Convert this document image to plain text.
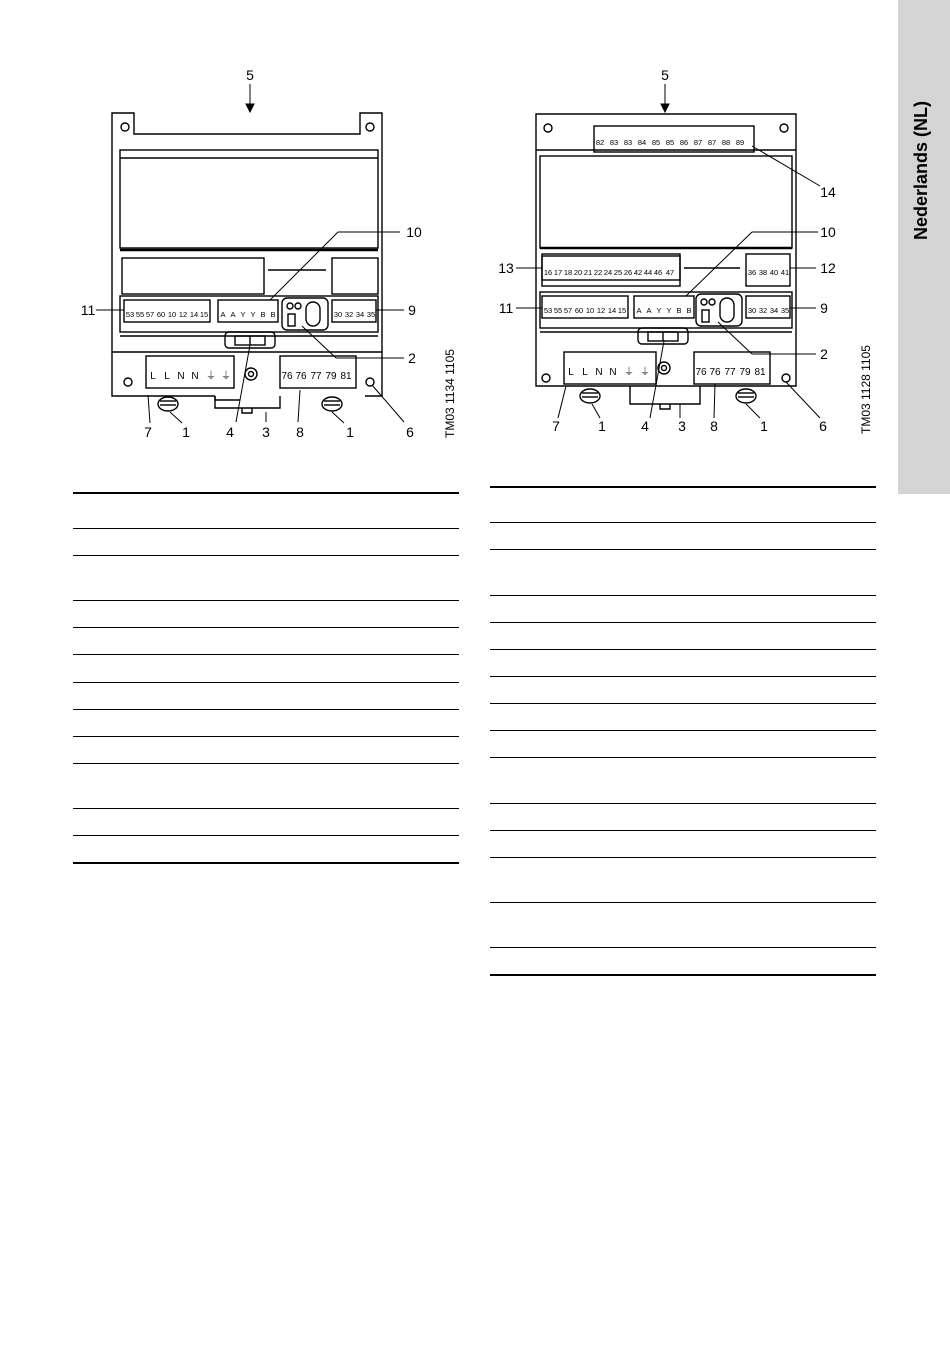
53 55 57 60 10 12 14 15 A A Y Y B B	30 32 34 35
L L N N ⏚ ⏚	76 76 77 79 81
5
10
11	9
2
7 1	4 3 8	1	6 TM03 1134 1105
82 83 83 84 85 85 86 87 87 88 89
16 17 18 20 21 22 24 25 26 42 44 46 47	36 38 40 41
53 55 57 60 10 12 14 15 A A Y Y B B	30 32 34 35
L L N N ⏚ ⏚	76 76 77 79 81
5
14
10
13	12
11	9
2
7	1	4 3 8	1	6	TM03 1128 1105
